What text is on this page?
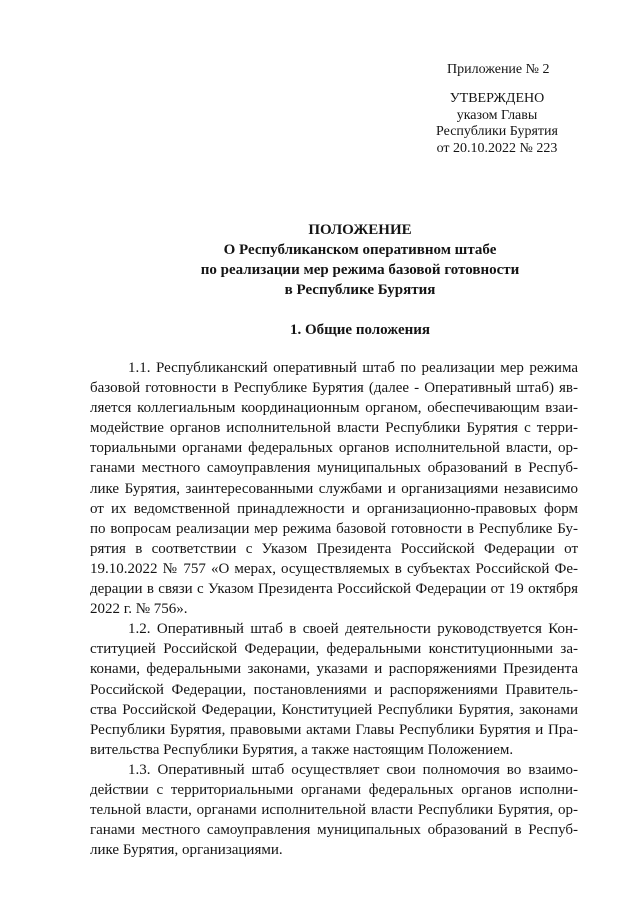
Приложение № 2
УТВЕРЖДЕНО
указом Главы
Республики Бурятия
от 20.10.2022 № 223
ПОЛОЖЕНИЕ
О Республиканском оперативном штабе
по реализации мер режима базовой готовности
в Республике Бурятия
1. Общие положения
1.1. Республиканский оперативный штаб по реализации мер режима
базовой готовности в Республике Бурятия (далее - Оперативный штаб) яв-
ляется коллегиальным координационным органом, обеспечивающим взаи-
модействие органов исполнительной власти Республики Бурятия с терри-
ториальными органами федеральных органов исполнительной власти, ор-
ганами местного самоуправления муниципальных образований в Респуб-
лике Бурятия, заинтересованными службами и организациями независимо
от их ведомственной принадлежности и организационно-правовых форм
по вопросам реализации мер режима базовой готовности в Республике Бу-
рятия в соответствии с Указом Президента Российской Федерации от
19.10.2022 № 757 «О мерах, осуществляемых в субъектах Российской Фе-
дерации в связи с Указом Президента Российской Федерации от 19 октября
2022 г. № 756».
1.2. Оперативный штаб в своей деятельности руководствуется Кон-
ституцией Российской Федерации, федеральными конституционными за-
конами, федеральными законами, указами и распоряжениями Президента
Российской Федерации, постановлениями и распоряжениями Правитель-
ства Российской Федерации, Конституцией Республики Бурятия, законами
Республики Бурятия, правовыми актами Главы Республики Бурятия и Пра-
вительства Республики Бурятия, а также настоящим Положением.
1.3. Оперативный штаб осуществляет свои полномочия во взаимо-
действии с территориальными органами федеральных органов исполни-
тельной власти, органами исполнительной власти Республики Бурятия, ор-
ганами местного самоуправления муниципальных образований в Респуб-
лике Бурятия, организациями.
